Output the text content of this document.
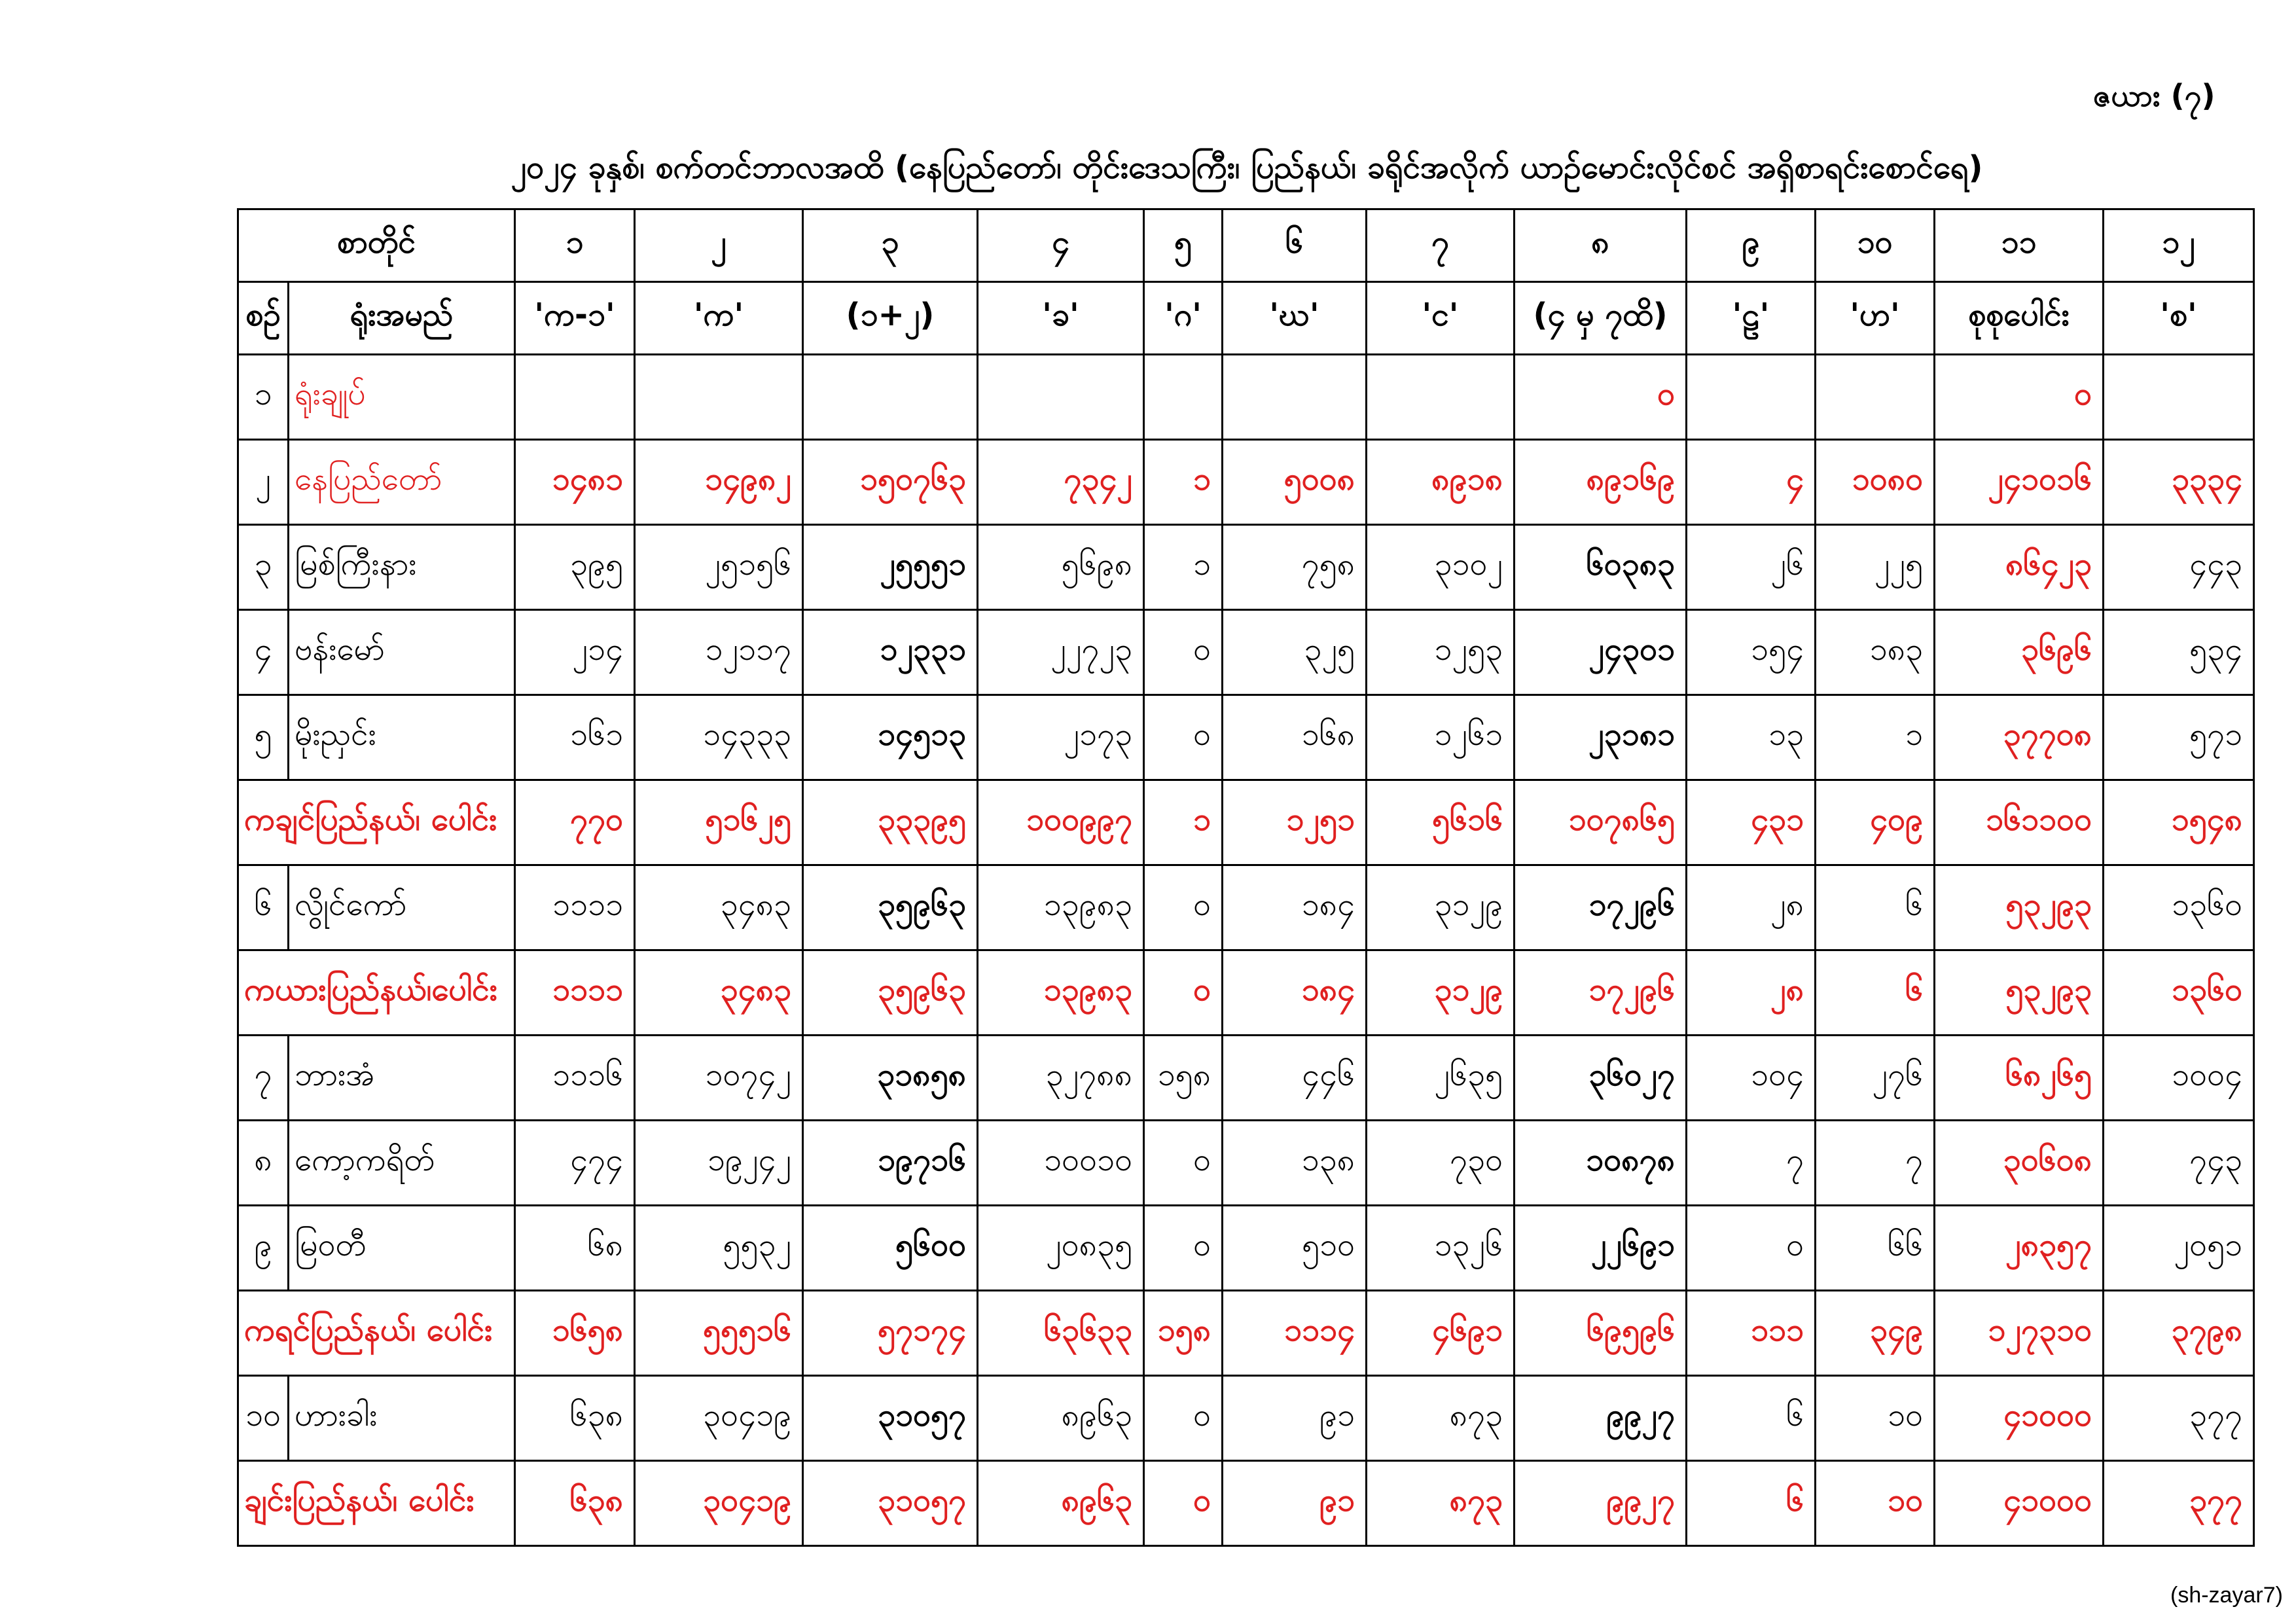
ဇယား (၇)
၂၀၂၄ ခုနှစ်၊ စက်တင်ဘာလအထိ (နေပြည်တော်၊ တိုင်းဒေသကြီး၊ ပြည်နယ်၊ ခရိုင်အလိုက် ယာဉ်မောင်းလိုင်စင် အရှိစာရင်းစောင်ရေ)
စာတိုင်		၁	၂	၃	၄	၅	၆	၇	၈	၉	၁၀	၁၁	၁၂
စဉ်	ရုံးအမည်	'က-၁'	'က'	(၁+၂)	'ခ'	'ဂ'	'ဃ'	'င'	(၄ မှ ၇ထိ)	'ဠ'	'ဟ'	စုစုပေါင်း	'စ'
၁	ရုံးချုပ်								၀			၀	
၂	နေပြည်တော်	၁၄၈၁	၁၄၉၈၂	၁၅၀၇၆၃	၇၃၄၂	၁	၅၀၀၈	၈၉၁၈	၈၉၁၆၉	၄	၁၀၈၀	၂၄၁၀၁၆	၃၃၃၄
၃	မြစ်ကြီးနား	၃၉၅	၂၅၁၅၆	၂၅၅၅၁	၅၆၉၈	၁	၇၅၈	၃၁၀၂	၆၀၃၈၃	၂၆	၂၂၅	၈၆၄၂၃	၄၄၃
၄	ဗန်းမော်	၂၁၄	၁၂၁၁၇	၁၂၃၃၁	၂၂၇၂၃	၀	၃၂၅	၁၂၅၃	၂၄၃၀၁	၁၅၄	၁၈၃	၃၆၉၆	၅၃၄
၅	မိုးညှင်း	၁၆၁	၁၄၃၃၃	၁၄၅၁၃	၂၁၇၃	၀	၁၆၈	၁၂၆၁	၂၃၁၈၁	၁၃	၁	၃၇၇၀၈	၅၇၁
ကချင်ပြည်နယ်၊ ပေါင်း		၇၇၀	၅၁၆၂၅	၃၃၃၉၅	၁၀၀၉၉၇	၁	၁၂၅၁	၅၆၁၆	၁၀၇၈၆၅	၄၃၁	၄၀၉	၁၆၁၁၀၀	၁၅၄၈
၆	လွိုင်ကော်	၁၁၁၁	၃၄၈၃	၃၅၉၆၃	၁၃၉၈၃	၀	၁၈၄	၃၁၂၉	၁၇၂၉၆	၂၈	၆	၅၃၂၉၃	၁၃၆၀
ကယားပြည်နယ်၊ပေါင်း		၁၁၁၁	၃၄၈၃	၃၅၉၆၃	၁၃၉၈၃	၀	၁၈၄	၃၁၂၉	၁၇၂၉၆	၂၈	၆	၅၃၂၉၃	၁၃၆၀
၇	ဘားအံ	၁၁၁၆	၁၀၇၄၂	၃၁၈၅၈	၃၂၇၈၈	၁၅၈	၄၄၆	၂၆၃၅	၃၆၀၂၇	၁၀၄	၂၇၆	၆၈၂၆၅	၁၀၀၄
၈	ကော့ကရိတ်	၄၇၄	၁၉၂၄၂	၁၉၇၁၆	၁၀၀၁၀	၀	၁၃၈	၇၃၀	၁၀၈၇၈	၇	၇	၃၀၆၀၈	၇၄၃
၉	မြဝတီ	၆၈	၅၅၃၂	၅၆၀၀	၂၀၈၃၅	၀	၅၁၀	၁၃၂၆	၂၂၆၉၁	၀	၆၆	၂၈၃၅၇	၂၀၅၁
ကရင်ပြည်နယ်၊ ပေါင်း		၁၆၅၈	၅၅၅၁၆	၅၇၁၇၄	၆၃၆၃၃	၁၅၈	၁၁၁၄	၄၆၉၁	၆၉၅၉၆	၁၁၁	၃၄၉	၁၂၇၃၁၀	၃၇၉၈
၁၀	ဟားခါး	၆၃၈	၃၀၄၁၉	၃၁၀၅၇	၈၉၆၃	၀	၉၁	၈၇၃	၉၉၂၇	၆	၁၀	၄၁၀၀၀	၃၇၇
ချင်းပြည်နယ်၊ ပေါင်း		၆၃၈	၃၀၄၁၉	၃၁၀၅၇	၈၉၆၃	၀	၉၁	၈၇၃	၉၉၂၇	၆	၁၀	၄၁၀၀၀	၃၇၇
(sh-zayar7)
